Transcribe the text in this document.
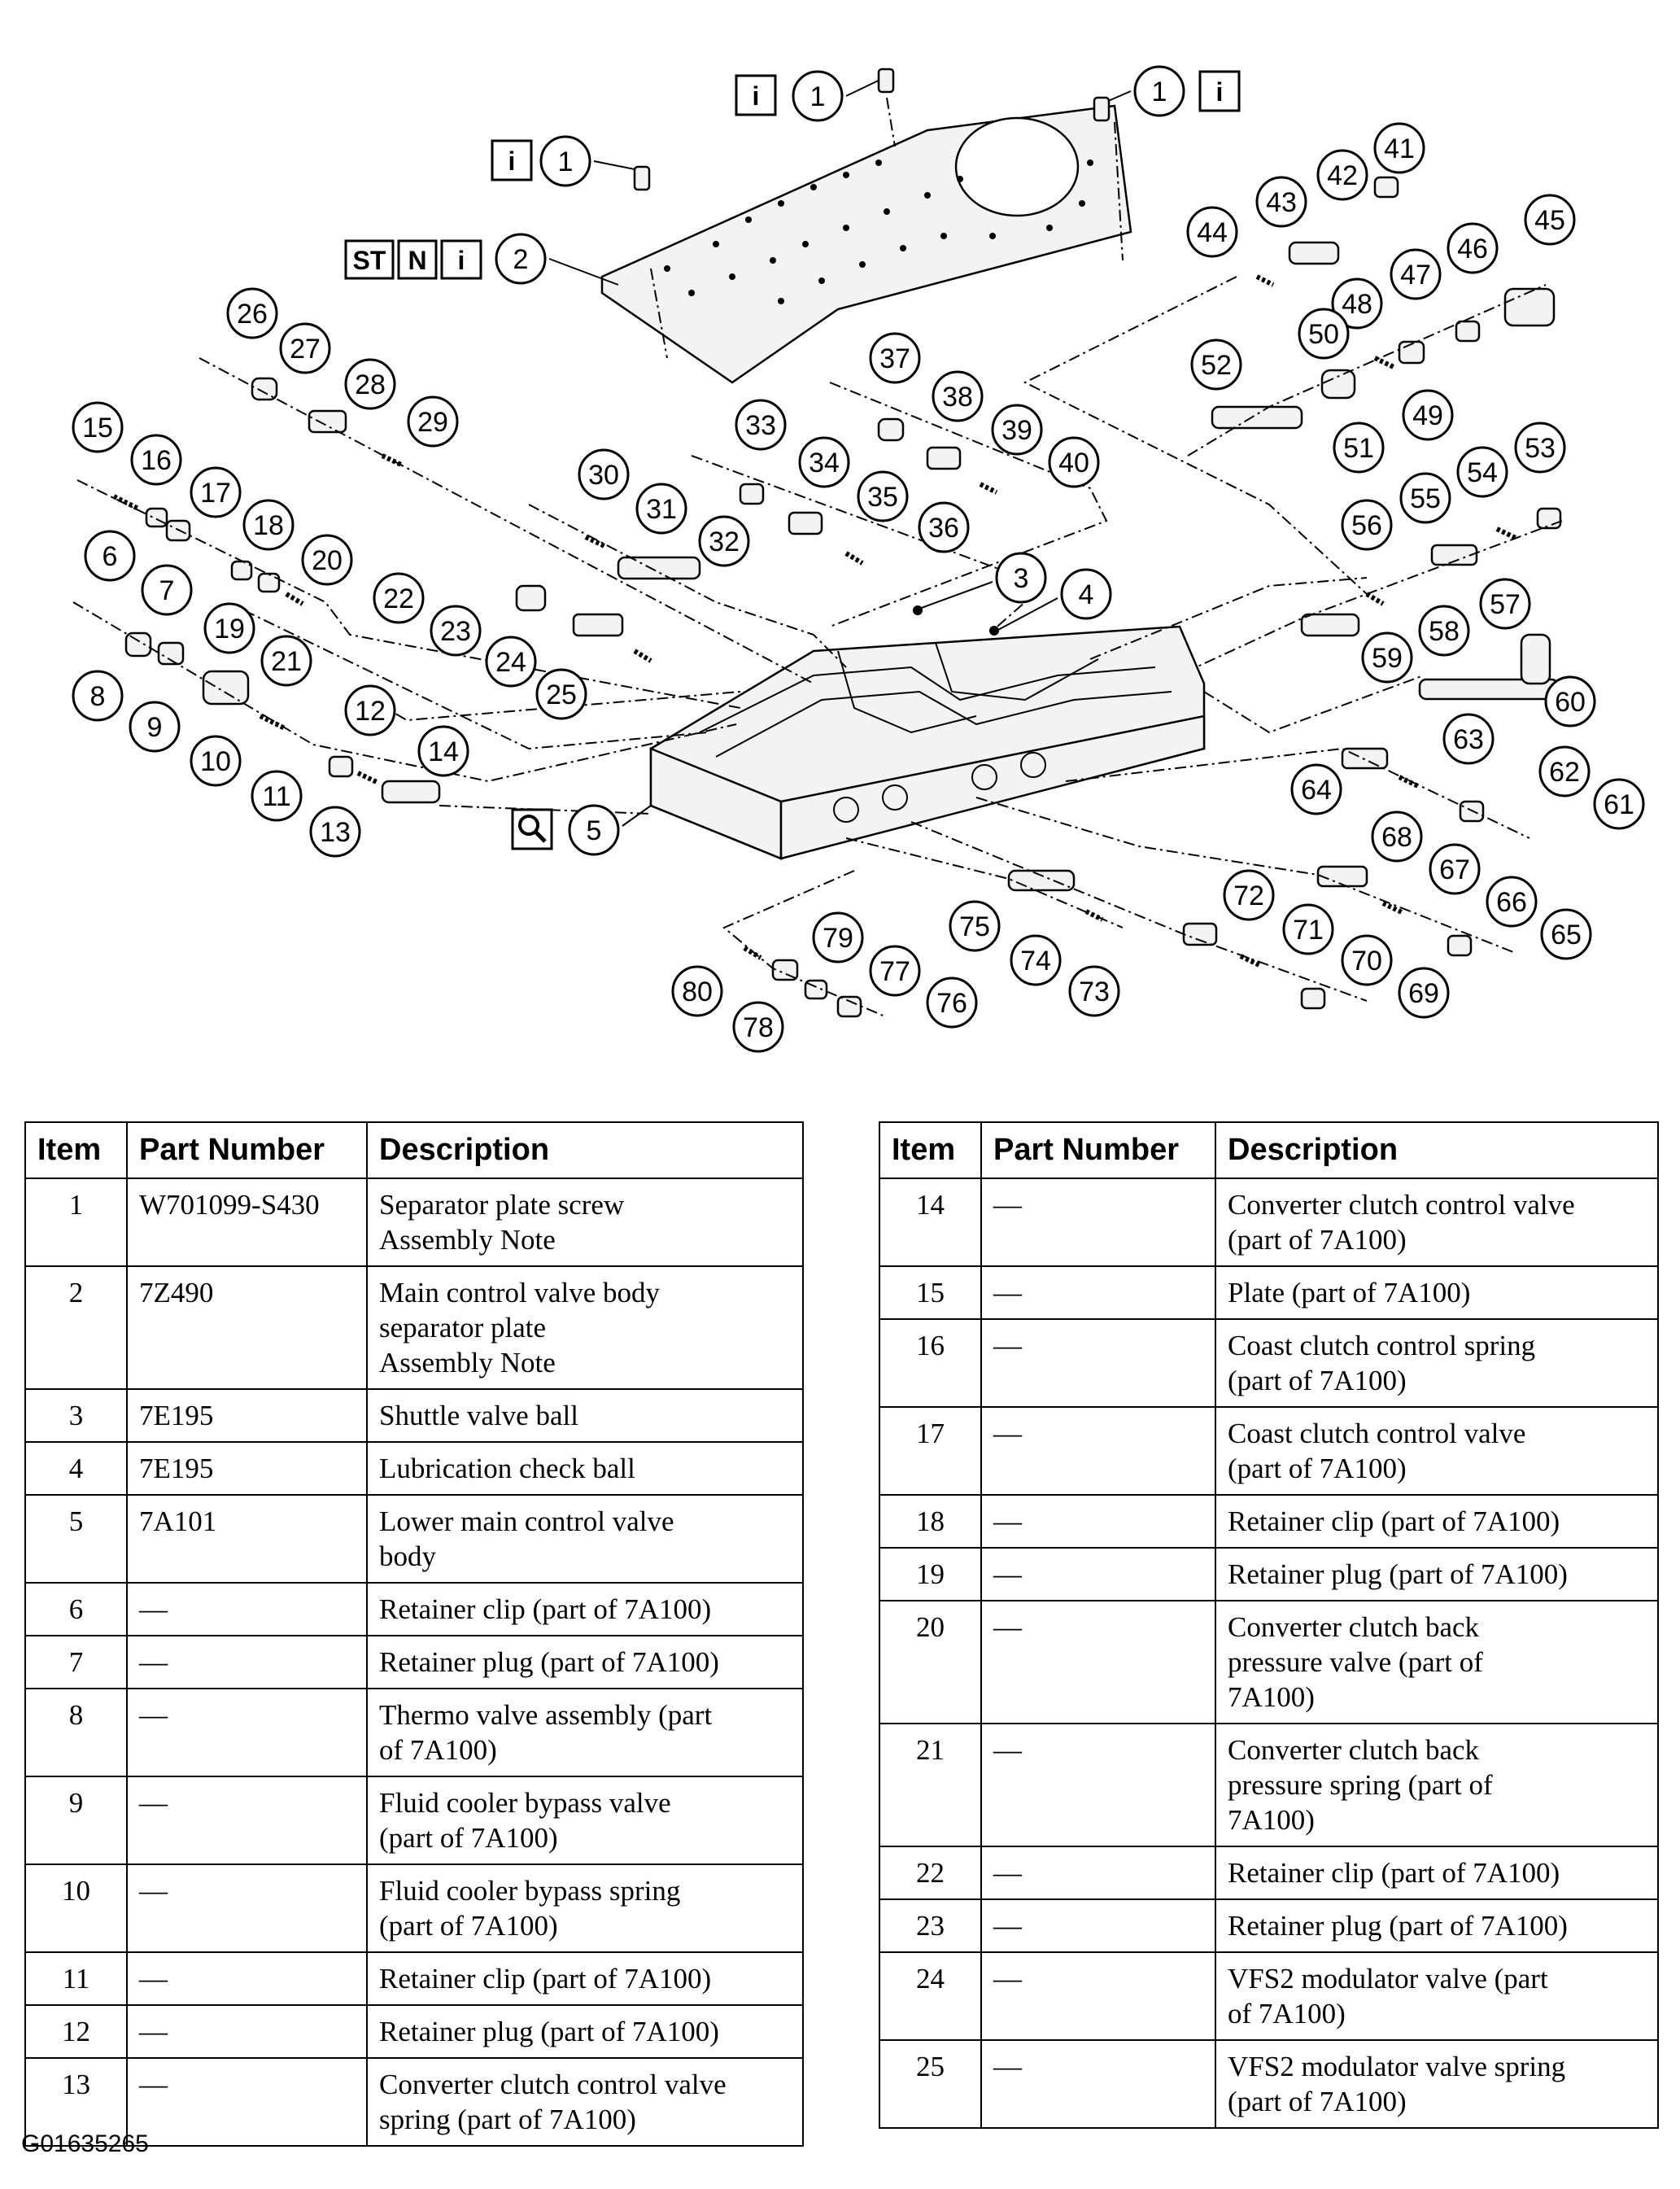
i	i
i
ST N i
1	1
1
2
3
4
5
6
7
8
9
10
11
12
13
14
15
16
17
18
19
20
21
22
23
24
25
26
27
28
29
30
31
32
33
34
35
36
37
38
39
40
41
42
43
44	45
46
47
48
49
50
51
52
53
54
55
56
57
58
59
60
61
62
63
64
65
66
67
68
69
70
71
72
73
74
75
76
77
78
79
80
Item	Part Number	Description
1	W701099-S430	Separator plate screw
Assembly Note
2	7Z490	Main control valve body
separator plate
Assembly Note
3	7E195	Shuttle valve ball
4	7E195	Lubrication check ball
5	7A101	Lower main control valve
body
6	—	Retainer clip (part of 7A100)
7	—	Retainer plug (part of 7A100)
8	—	Thermo valve assembly (part
of 7A100)
9	—	Fluid cooler bypass valve
(part of 7A100)
10	—	Fluid cooler bypass spring
(part of 7A100)
11	—	Retainer clip (part of 7A100)
12	—	Retainer plug (part of 7A100)
13	—	Converter clutch control valve
spring (part of 7A100)
Item	Part Number	Description
14	—	Converter clutch control valve
(part of 7A100)
15	—	Plate (part of 7A100)
16	—	Coast clutch control spring
(part of 7A100)
17	—	Coast clutch control valve
(part of 7A100)
18	—	Retainer clip (part of 7A100)
19	—	Retainer plug (part of 7A100)
20	—	Converter clutch back
pressure valve (part of
7A100)
21	—	Converter clutch back
pressure spring (part of
7A100)
22	—	Retainer clip (part of 7A100)
23	—	Retainer plug (part of 7A100)
24	—	VFS2 modulator valve (part
of 7A100)
25	—	VFS2 modulator valve spring
(part of 7A100)
G01635265
